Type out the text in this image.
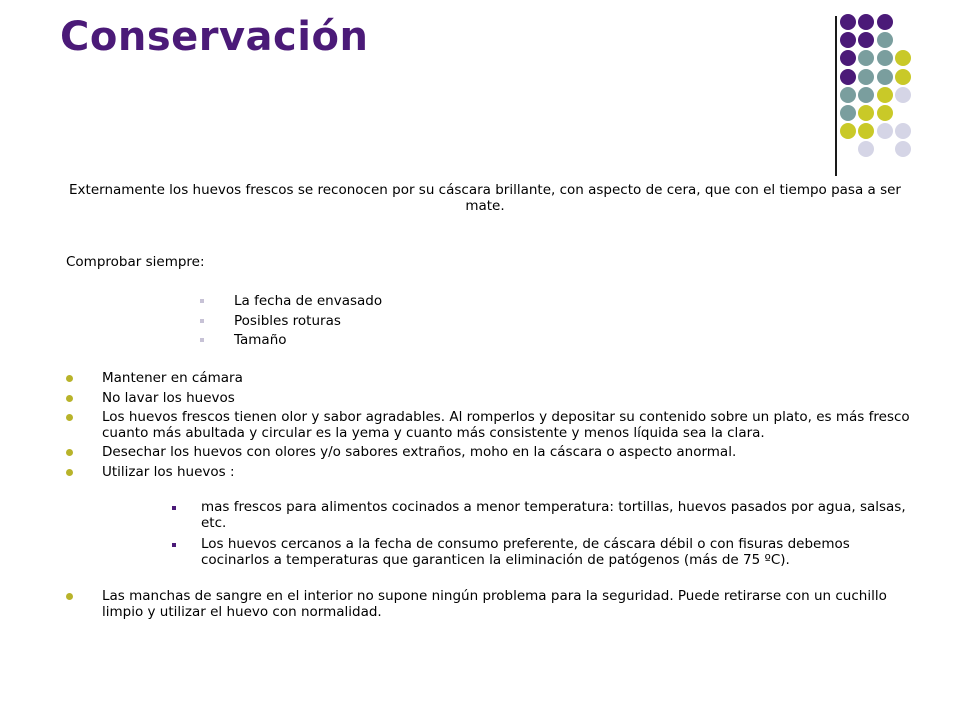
Conservación

Externamente los huevos frescos se reconocen por su cáscara brillante, con aspecto de cera, que con el tiempo pasa a ser mate.

Comprobar siempre:
La fecha de envasado
Posibles roturas
Tamaño
Mantener en cámara
No lavar los huevos
Los huevos frescos tienen olor y sabor agradables. Al romperlos y depositar su contenido sobre un plato, es más fresco cuanto más abultada y circular es la yema y cuanto más consistente y menos líquida sea la clara.
Desechar los huevos con olores y/o sabores extraños, moho en la cáscara o aspecto anormal.
Utilizar los huevos :
mas frescos para alimentos cocinados a menor temperatura: tortillas, huevos pasados por agua, salsas, etc.
Los huevos cercanos a la fecha de consumo preferente, de cáscara débil o con fisuras debemos cocinarlos a temperaturas que garanticen la eliminación de patógenos (más de 75 ºC).
Las manchas de sangre en el interior no supone ningún problema para la seguridad. Puede retirarse con un cuchillo limpio y utilizar el huevo con normalidad.
